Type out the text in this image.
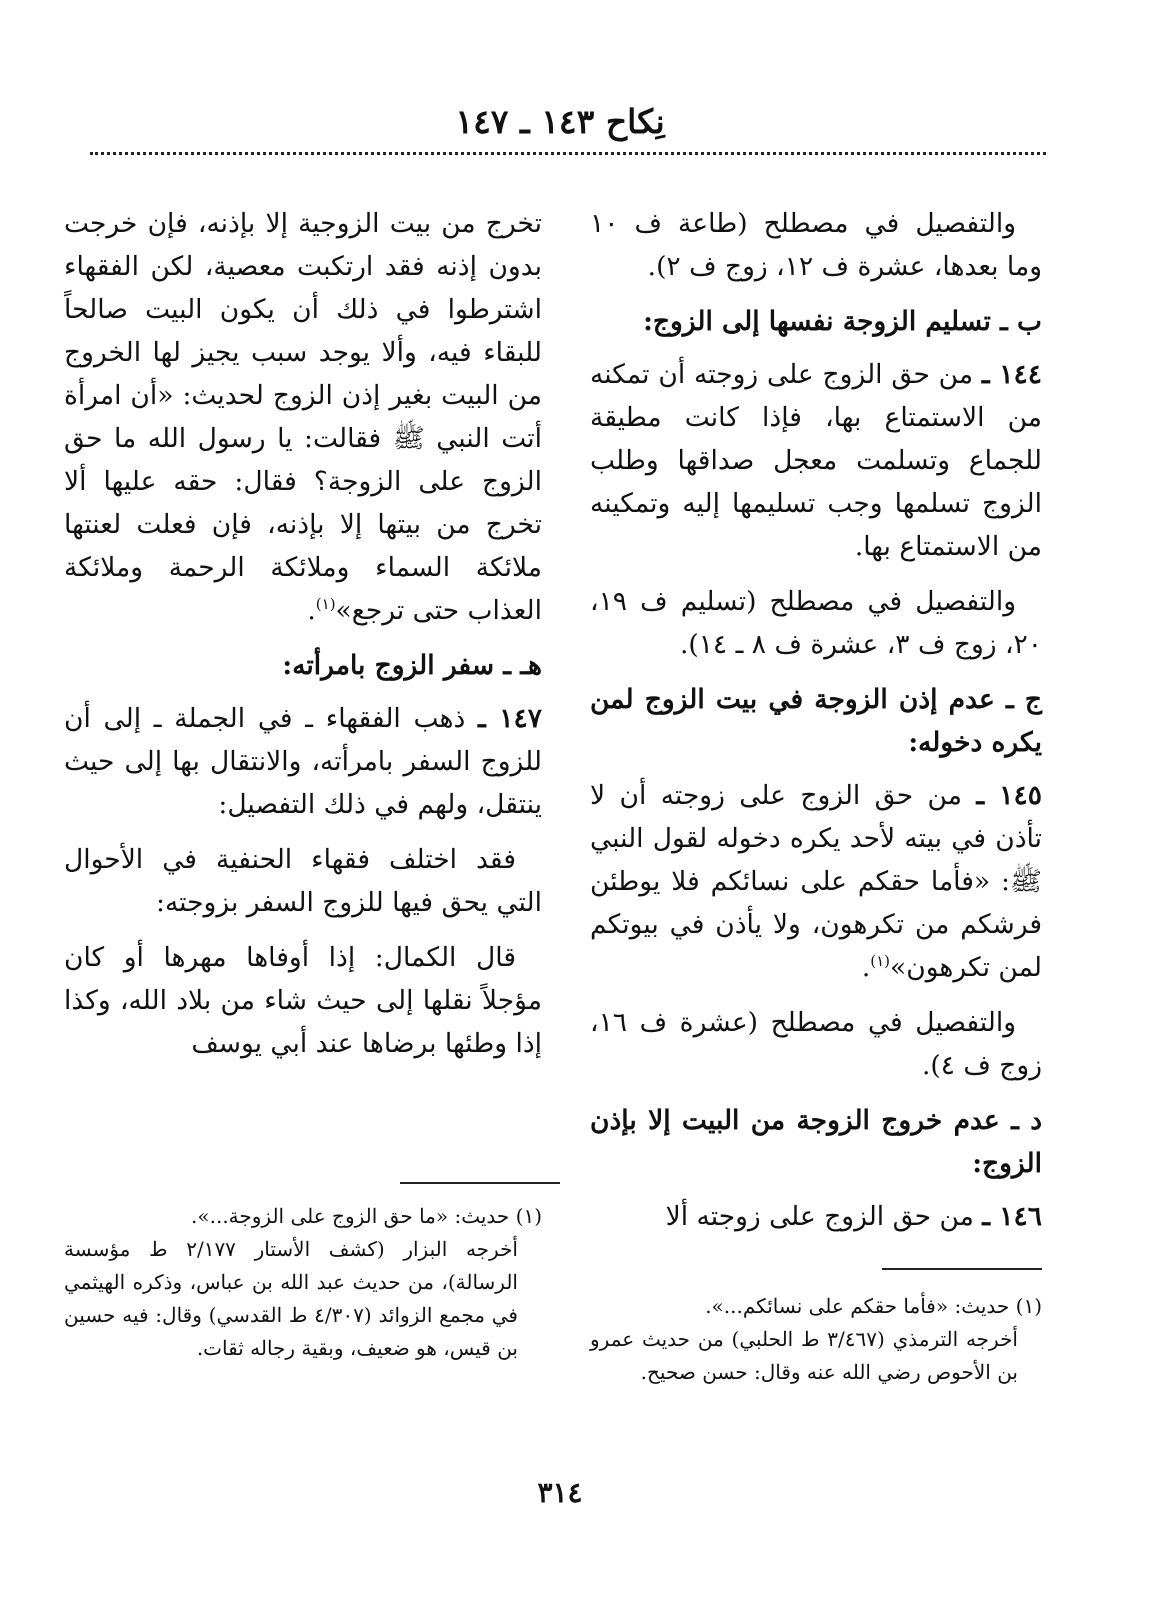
نِكاح ١٤٣ ـ ١٤٧

والتفصيل في مصطلح (طاعة ف ١٠ وما بعدها، عشرة ف ١٢، زوج ف ٢).

ب ـ تسليم الزوجة نفسها إلى الزوج:

١٤٤ ـ من حق الزوج على زوجته أن تمكنه من الاستمتاع بها، فإذا كانت مطيقة للجماع وتسلمت معجل صداقها وطلب الزوج تسلمها وجب تسليمها إليه وتمكينه من الاستمتاع بها.

والتفصيل في مصطلح (تسليم ف ١٩، ٢٠، زوج ف ٣، عشرة ف ٨ ـ ١٤).

ج ـ عدم إذن الزوجة في بيت الزوج لمن يكره دخوله:

١٤٥ ـ من حق الزوج على زوجته أن لا تأذن في بيته لأحد يكره دخوله لقول النبي ﷺ: «فأما حقكم على نسائكم فلا يوطئن فرشكم من تكرهون، ولا يأذن في بيوتكم لمن تكرهون»$^{(١)}$.

والتفصيل في مصطلح (عشرة ف ١٦، زوج ف ٤).

د ـ عدم خروج الزوجة من البيت إلا بإذن الزوج:

١٤٦ ـ من حق الزوج على زوجته ألا

تخرج من بيت الزوجية إلا بإذنه، فإن خرجت بدون إذنه فقد ارتكبت معصية، لكن الفقهاء اشترطوا في ذلك أن يكون البيت صالحاً للبقاء فيه، وألا يوجد سبب يجيز لها الخروج من البيت بغير إذن الزوج لحديث: «أن امرأة أتت النبي ﷺ فقالت: يا رسول الله ما حق الزوج على الزوجة؟ فقال: حقه عليها ألا تخرج من بيتها إلا بإذنه، فإن فعلت لعنتها ملائكة السماء وملائكة الرحمة وملائكة العذاب حتى ترجع»$^{(١)}$.

هـ ـ سفر الزوج بامرأته:

١٤٧ ـ ذهب الفقهاء ـ في الجملة ـ إلى أن للزوج السفر بامرأته، والانتقال بها إلى حيث ينتقل، ولهم في ذلك التفصيل:

فقد اختلف فقهاء الحنفية في الأحوال التي يحق فيها للزوج السفر بزوجته:

قال الكمال: إذا أوفاها مهرها أو كان مؤجلاً نقلها إلى حيث شاء من بلاد الله، وكذا إذا وطئها برضاها عند أبي يوسف

(١) حديث: «فأما حقكم على نسائكم...».

أخرجه الترمذي (٣/٤٦٧ ط الحلبي) من حديث عمرو بن الأحوص رضي الله عنه وقال: حسن صحيح.

(١) حديث: «ما حق الزوج على الزوجة...».

أخرجه البزار (كشف الأستار ٢/١٧٧ ط مؤسسة الرسالة)، من حديث عبد الله بن عباس، وذكره الهيثمي في مجمع الزوائد (٤/٣٠٧ ط القدسي) وقال: فيه حسين بن قيس، هو ضعيف، وبقية رجاله ثقات.

٣١٤
